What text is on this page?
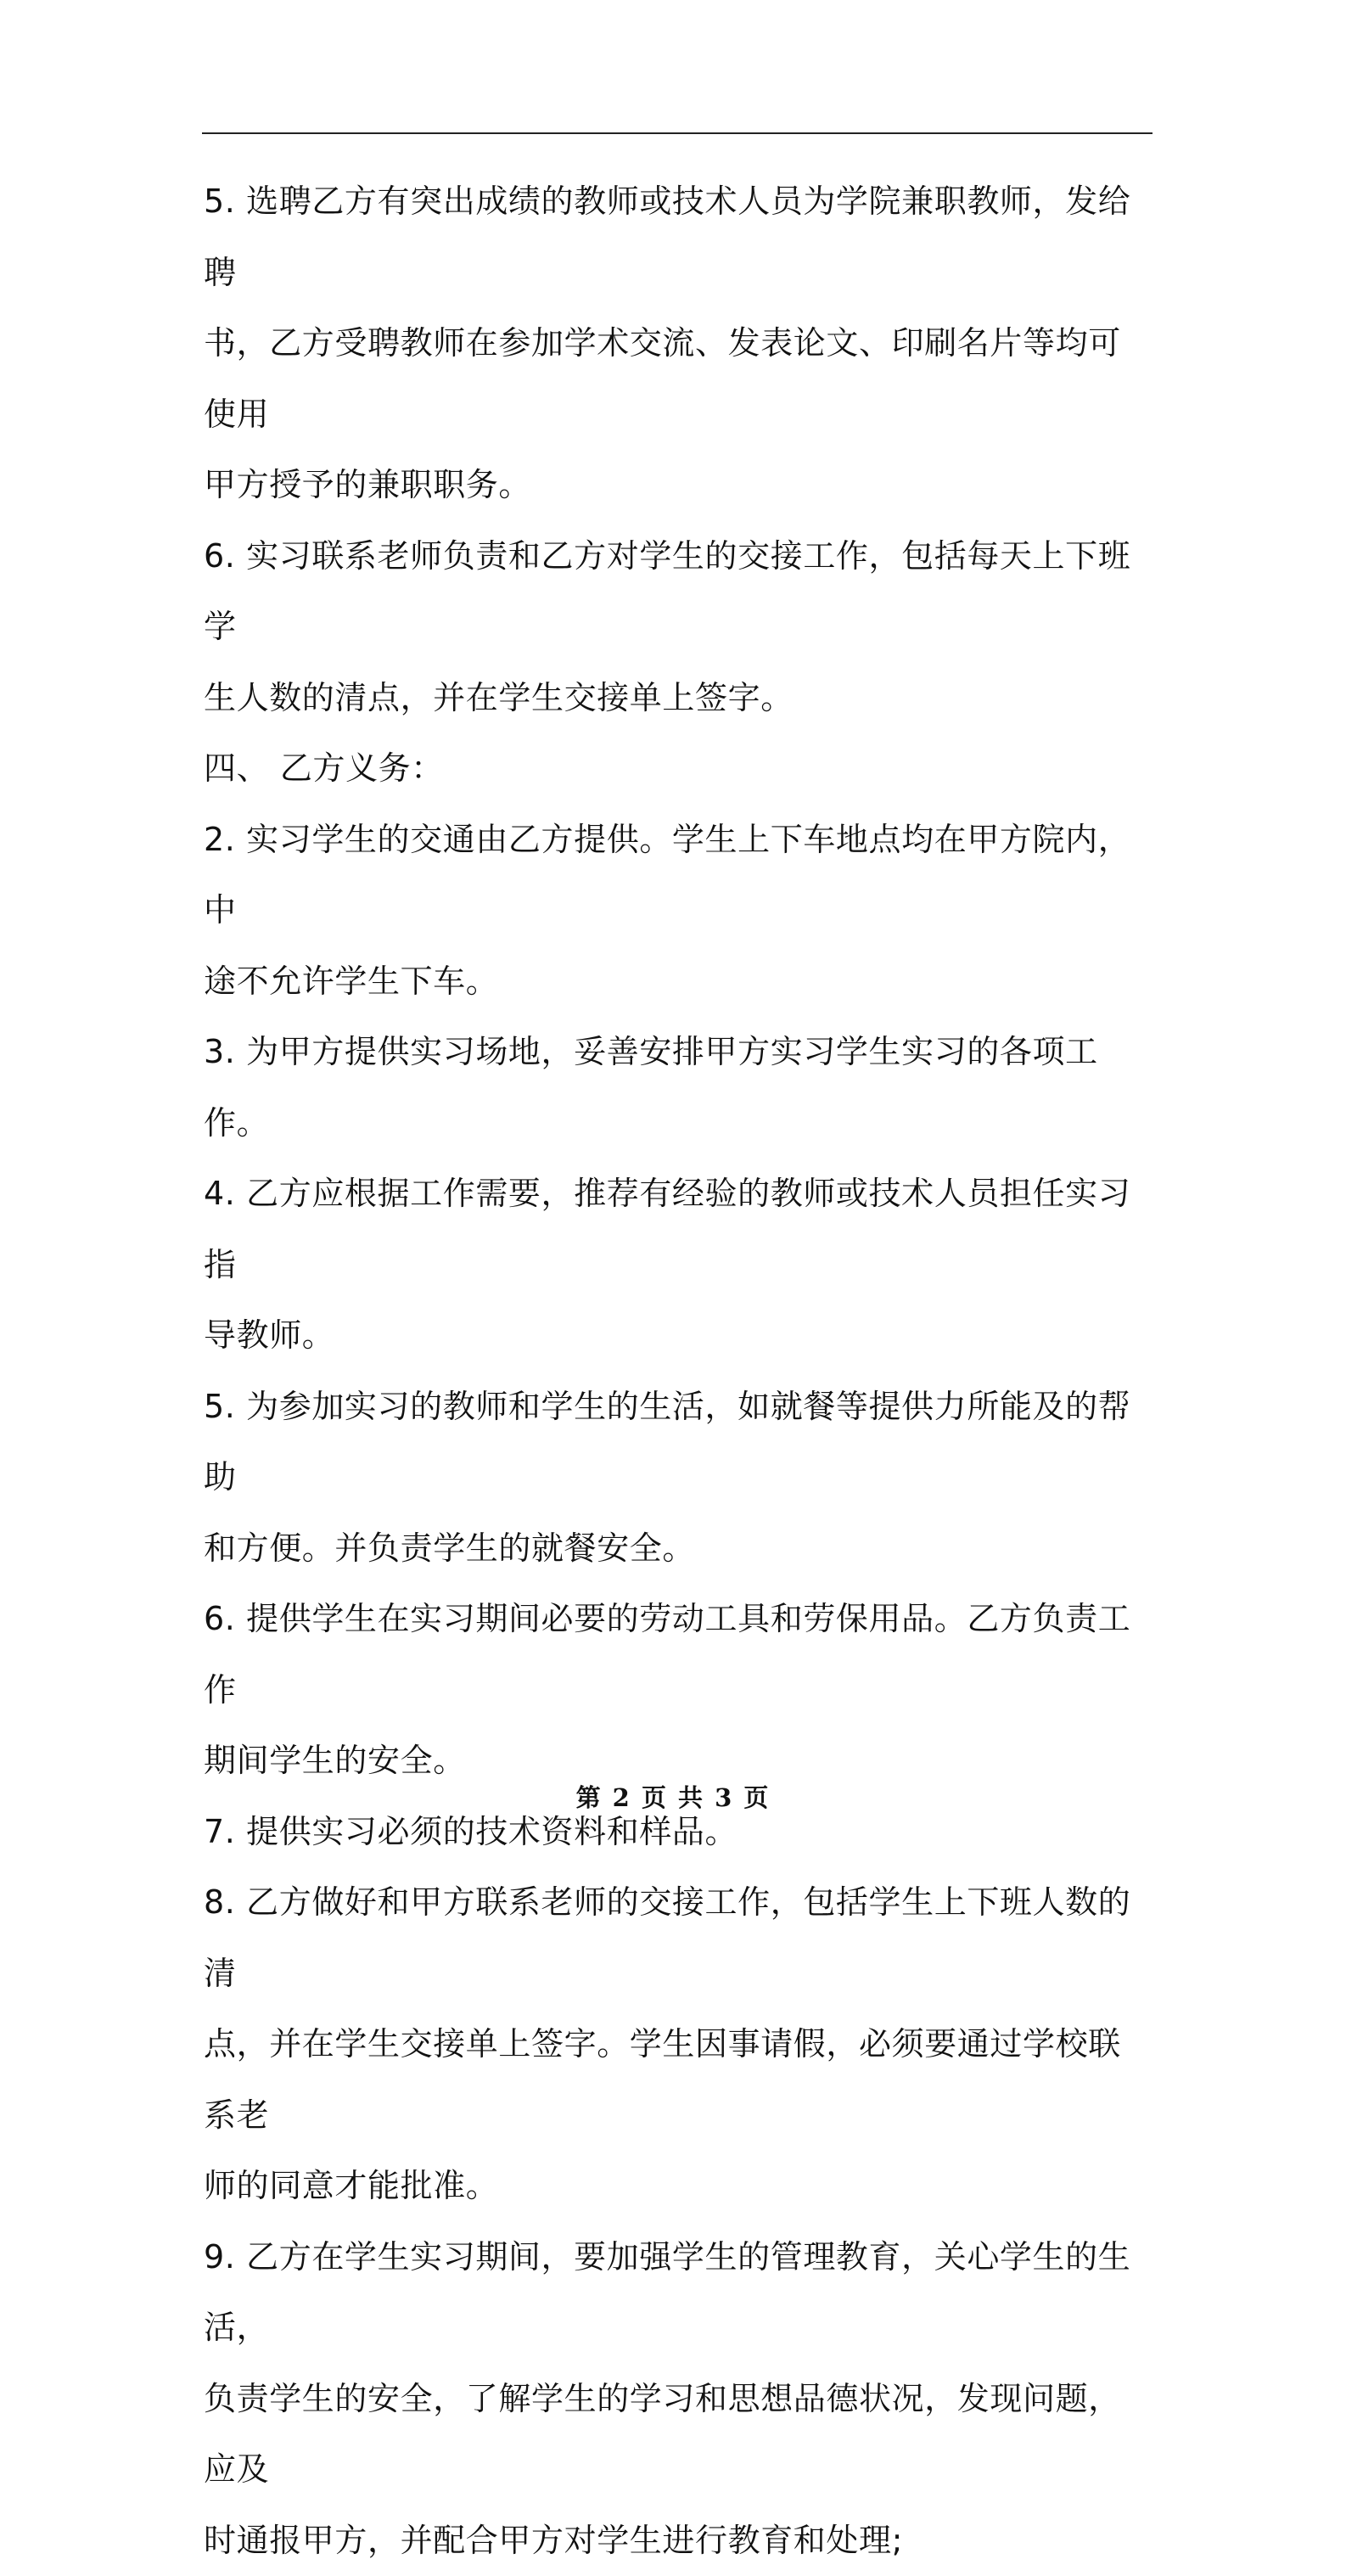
5. 选聘乙方有突出成绩的教师或技术人员为学院兼职教师，发给聘

书，乙方受聘教师在参加学术交流、发表论文、印刷名片等均可使用

甲方授予的兼职职务。

6. 实习联系老师负责和乙方对学生的交接工作，包括每天上下班学

生人数的清点，并在学生交接单上签字。

四、 乙方义务：

2. 实习学生的交通由乙方提供。学生上下车地点均在甲方院内，中

途不允许学生下车。

3. 为甲方提供实习场地，妥善安排甲方实习学生实习的各项工作。

4. 乙方应根据工作需要，推荐有经验的教师或技术人员担任实习指

导教师。

5. 为参加实习的教师和学生的生活，如就餐等提供力所能及的帮助

和方便。并负责学生的就餐安全。

6. 提供学生在实习期间必要的劳动工具和劳保用品。乙方负责工作

期间学生的安全。

7. 提供实习必须的技术资料和样品。

8. 乙方做好和甲方联系老师的交接工作，包括学生上下班人数的清

点，并在学生交接单上签字。学生因事请假，必须要通过学校联系老

师的同意才能批准。

9. 乙方在学生实习期间，要加强学生的管理教育，关心学生的生活，

负责学生的安全，了解学生的学习和思想品德状况，发现问题，应及

时通报甲方，并配合甲方对学生进行教育和处理;

第 2 页 共 3 页
